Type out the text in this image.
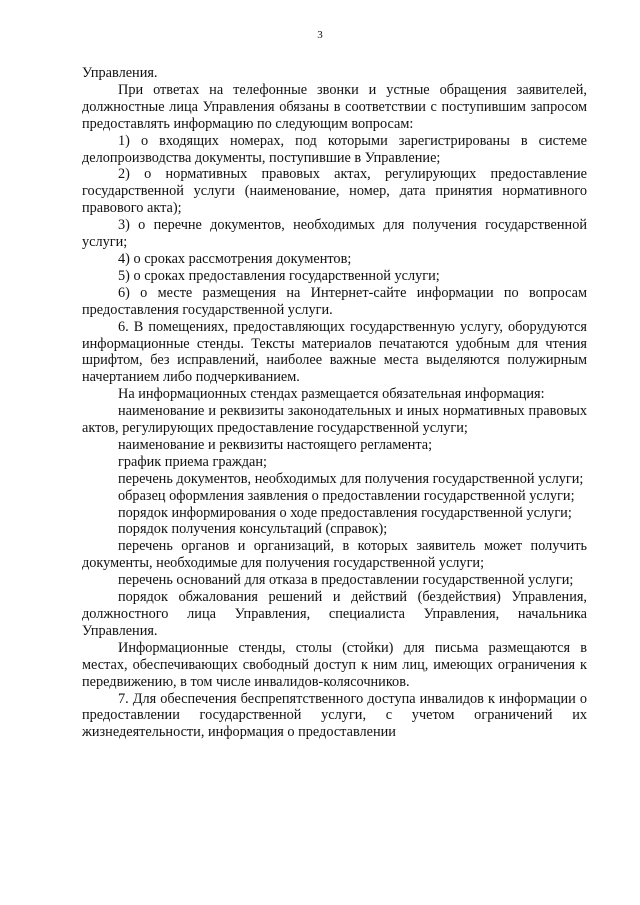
3

Управления.

При ответах на телефонные звонки и устные обращения заявителей, должностные лица Управления обязаны в соответствии с поступившим запросом предоставлять информацию по следующим вопросам:

1) о входящих номерах, под которыми зарегистрированы в системе делопроизводства документы, поступившие в Управление;

2) о нормативных правовых актах, регулирующих предоставление государственной услуги (наименование, номер, дата принятия нормативного правового акта);

3) о перечне документов, необходимых для получения государственной услуги;

4) о сроках рассмотрения документов;

5) о сроках предоставления государственной услуги;

6) о месте размещения на Интернет-сайте информации по вопросам предоставления государственной услуги.

6. В помещениях, предоставляющих государственную услугу, оборудуются информационные стенды. Тексты материалов печатаются удобным для чтения шрифтом, без исправлений, наиболее важные места выделяются полужирным начертанием либо подчеркиванием.

На информационных стендах размещается обязательная информация:

наименование и реквизиты законодательных и иных нормативных правовых актов, регулирующих предоставление государственной услуги;

наименование и реквизиты настоящего регламента;

график приема граждан;

перечень документов, необходимых для получения государственной услуги;

образец оформления заявления о предоставлении государственной услуги;

порядок информирования о ходе предоставления государственной услуги;

порядок получения консультаций (справок);

перечень органов и организаций, в которых заявитель может получить документы, необходимые для получения государственной услуги;

перечень оснований для отказа в предоставлении государственной услуги;

порядок обжалования решений и действий (бездействия) Управления, должностного лица Управления, специалиста Управления, начальника Управления.

Информационные стенды, столы (стойки) для письма размещаются в местах, обеспечивающих свободный доступ к ним лиц, имеющих ограничения к передвижению, в том числе инвалидов-колясочников.

7. Для обеспечения беспрепятственного доступа инвалидов к информации о предоставлении государственной услуги, с учетом ограничений их жизнедеятельности, информация о предоставлении
